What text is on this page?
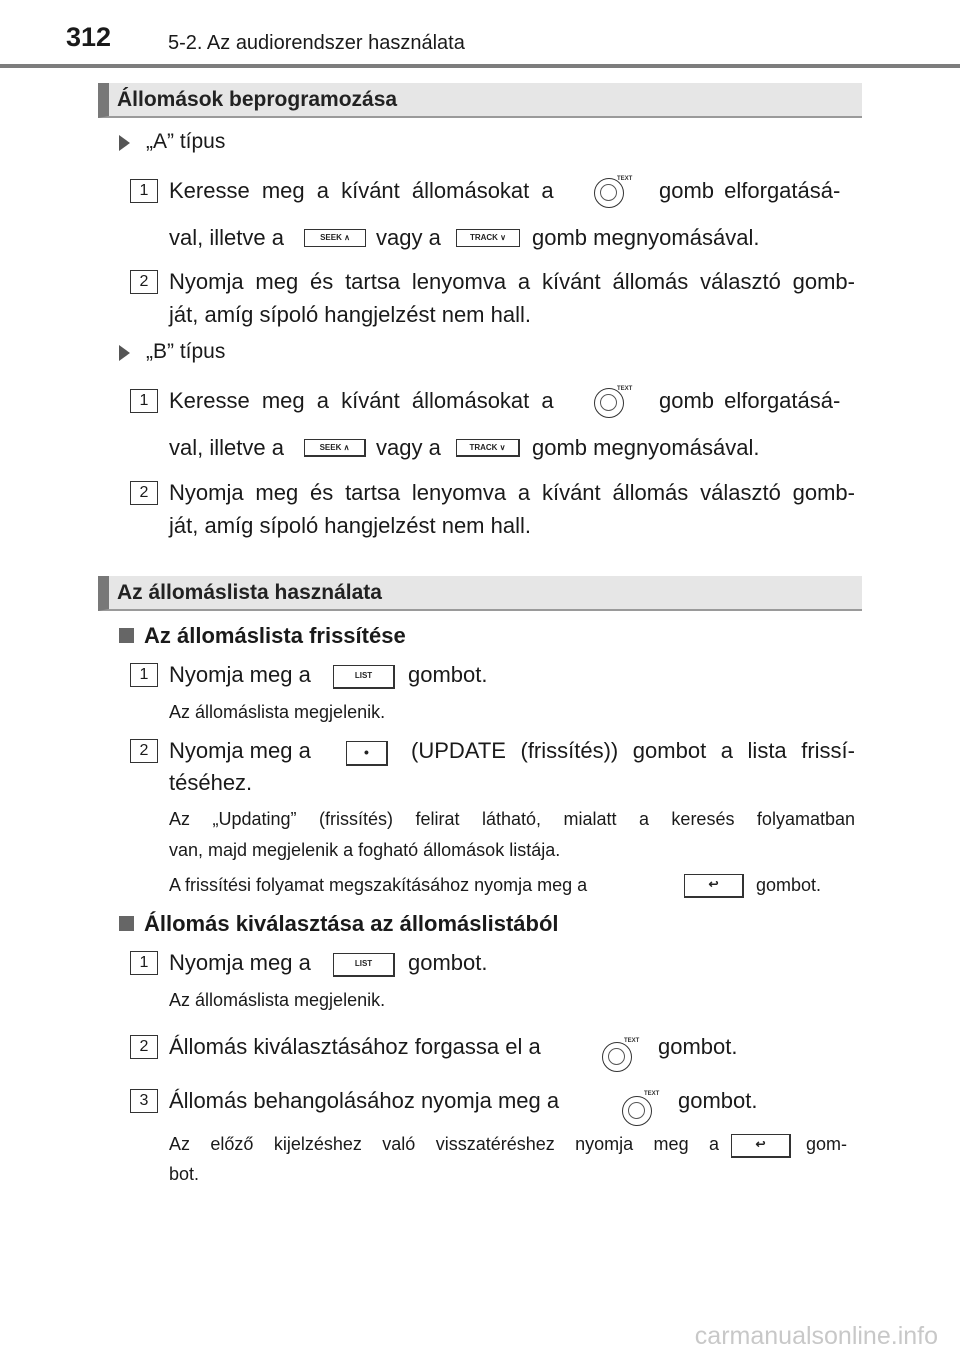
312	5-2. Az audiorendszer használata
Állomások beprogramozása
„A” típus
1 Keresse meg a kívánt állomásokat a	TEXT gomb elforgatásá-
val, illetve a	SEEK ∧	vagy a	TRACK ∨	gomb megnyomásával.
2 Nyomja meg és tartsa lenyomva a kívánt állomás választó gomb-
ját, amíg sípoló hangjelzést nem hall.
„B” típus
1 Keresse meg a kívánt állomásokat a	TEXT gomb elforgatásá-
val, illetve a	SEEK ∧	vagy a	TRACK ∨	gomb megnyomásával.
2 Nyomja meg és tartsa lenyomva a kívánt állomás választó gomb-
ját, amíg sípoló hangjelzést nem hall.
Az állomáslista használata
Az állomáslista frissítése
1 Nyomja meg a	LIST	gombot.
Az állomáslista megjelenik.
2 Nyomja meg a	•	(UPDATE (frissítés)) gombot a lista frissí-
téséhez.
Az „Updating” (frissítés) felirat látható, mialatt a keresés folyamatban
van, majd megjelenik a fogható állomások listája.
A frissítési folyamat megszakításához nyomja meg a	↩	gombot.
Állomás kiválasztása az állomáslistából
1 Nyomja meg a	LIST	gombot.
Az állomáslista megjelenik.
2 Állomás kiválasztásához forgassa el a	TEXT gombot.
3 Állomás behangolásához nyomja meg a	TEXT gombot.
Az előző kijelzéshez való visszatéréshez nyomja meg a	↩	gom-
bot.
carmanualsonline.info
